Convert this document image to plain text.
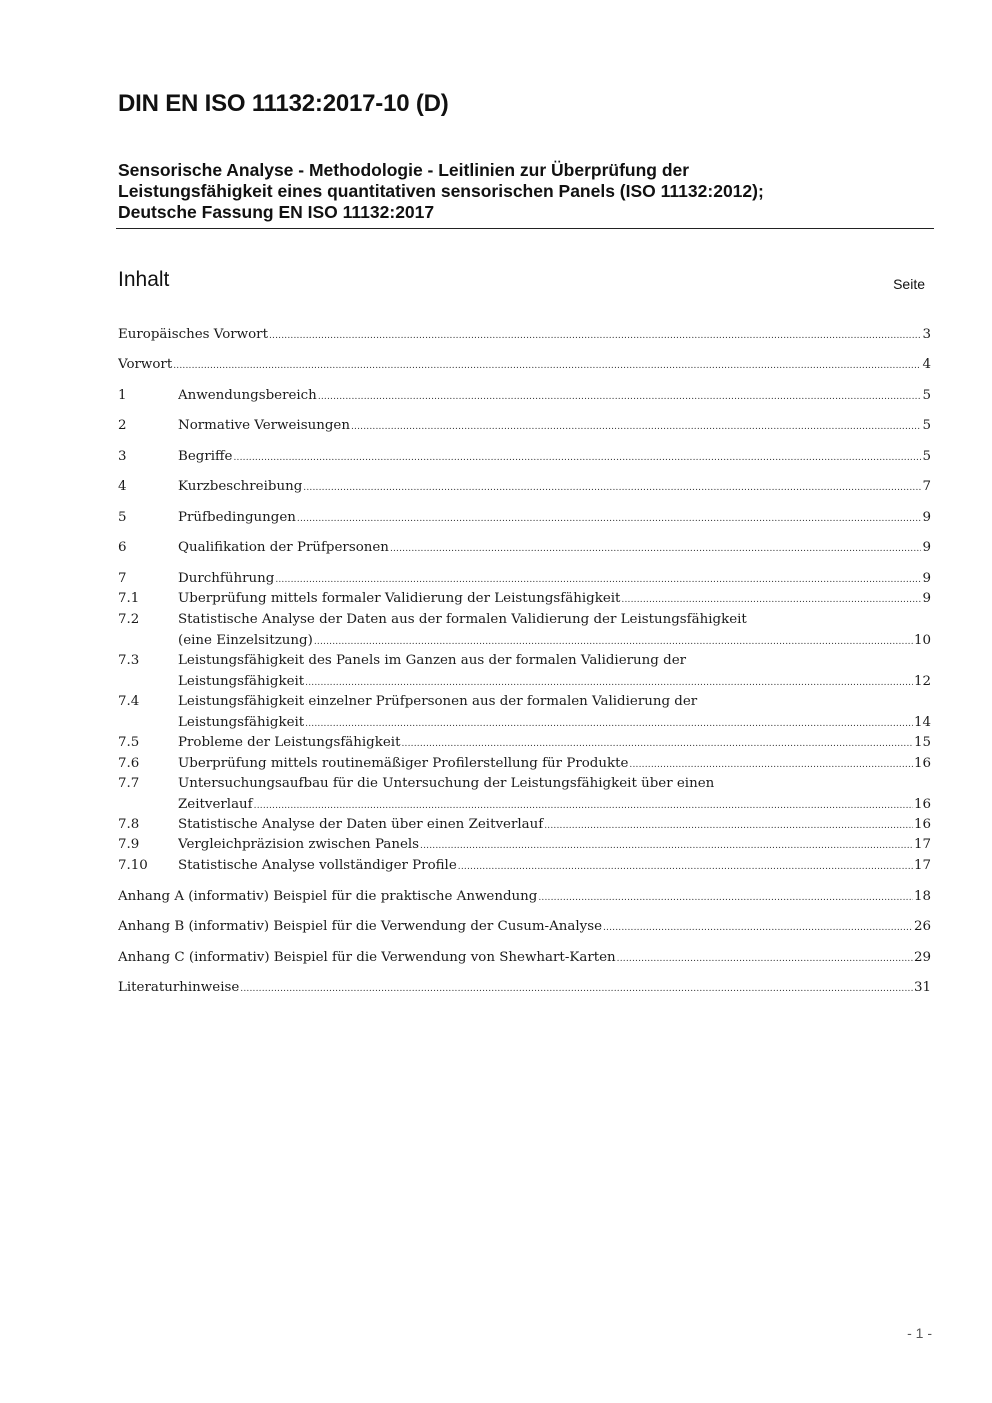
DIN EN ISO 11132:2017-10 (D)
Sensorische Analyse - Methodologie - Leitlinien zur Überprüfung der
Leistungsfähigkeit eines quantitativen sensorischen Panels (ISO 11132:2012);
Deutsche Fassung EN ISO 11132:2017
Inhalt	Seite
Europäisches Vorwort .....	3
Vorwort .....	4
1	Anwendungsbereich .....	5
2	Normative Verweisungen .....	5
3	Begriffe .....	5
4	Kurzbeschreibung .....	7
5	Prüfbedingungen .....	9
6	Qualifikation der Prüfpersonen .....	9
7	Durchführung .....	9
7.1	Überprüfung mittels formaler Validierung der Leistungsfähigkeit .....	9
7.2	Statistische Analyse der Daten aus der formalen Validierung der Leistungsfähigkeit
(eine Einzelsitzung) .....	10
7.3	Leistungsfähigkeit des Panels im Ganzen aus der formalen Validierung der
Leistungsfähigkeit .....	12
7.4	Leistungsfähigkeit einzelner Prüfpersonen aus der formalen Validierung der
Leistungsfähigkeit .....	14
7.5	Probleme der Leistungsfähigkeit .....	15
7.6	Überprüfung mittels routinemäßiger Profilerstellung für Produkte .....	16
7.7	Untersuchungsaufbau für die Untersuchung der Leistungsfähigkeit über einen
Zeitverlauf .....	16
7.8	Statistische Analyse der Daten über einen Zeitverlauf .....	16
7.9	Vergleichpräzision zwischen Panels .....	17
7.10 Statistische Analyse vollständiger Profile .....	17
Anhang A (informativ) Beispiel für die praktische Anwendung .....	18
Anhang B (informativ) Beispiel für die Verwendung der Cusum-Analyse .....	26
Anhang C (informativ) Beispiel für die Verwendung von Shewhart-Karten .....	29
Literaturhinweise .....	31
- 1 -
